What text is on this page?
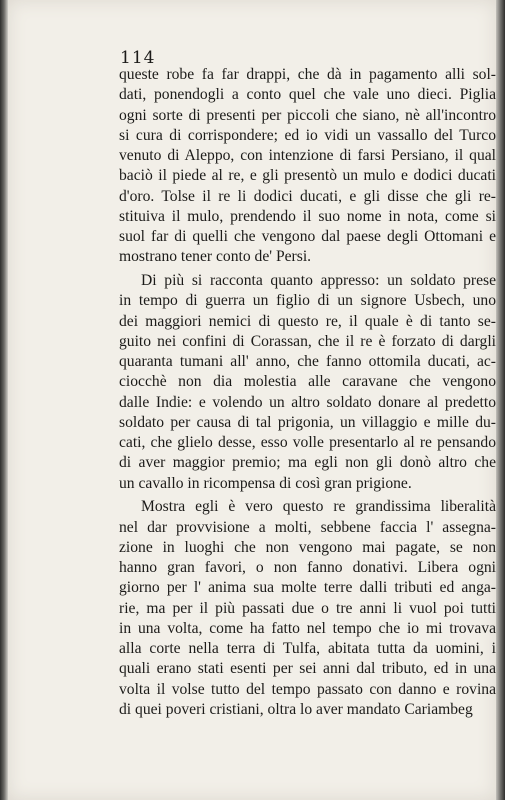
114
queste robe fa far drappi, che dà in pagamento alli sol-
dati, ponendogli a conto quel che vale uno dieci. Piglia
ogni sorte di presenti per piccoli che siano, nè all'incontro
si cura di corrispondere; ed io vidi un vassallo del Turco
venuto di Aleppo, con intenzione di farsi Persiano, il qual
baciò il piede al re, e gli presentò un mulo e dodici ducati
d'oro. Tolse il re li dodici ducati, e gli disse che gli re-
stituiva il mulo, prendendo il suo nome in nota, come si
suol far di quelli che vengono dal paese degli Ottomani e
mostrano tener conto de' Persi.
Di più si racconta quanto appresso: un soldato prese
in tempo di guerra un figlio di un signore Usbech, uno
dei maggiori nemici di questo re, il quale è di tanto se-
guito nei confini di Corassan, che il re è forzato di dargli
quaranta tumani all' anno, che fanno ottomila ducati, ac-
ciocchè non dia molestia alle caravane che vengono
dalle Indie: e volendo un altro soldato donare al predetto
soldato per causa di tal prigonia, un villaggio e mille du-
cati, che glielo desse, esso volle presentarlo al re pensando
di aver maggior premio; ma egli non gli donò altro che
un cavallo in ricompensa di così gran prigione.
Mostra egli è vero questo re grandissima liberalità
nel dar provvisione a molti, sebbene faccia l' assegna-
zione in luoghi che non vengono mai pagate, se non
hanno gran favori, o non fanno donativi. Libera ogni
giorno per l' anima sua molte terre dalli tributi ed anga-
rie, ma per il più passati due o tre anni li vuol poi tutti
in una volta, come ha fatto nel tempo che io mi trovava
alla corte nella terra di Tulfa, abitata tutta da uomini, i
quali erano stati esenti per sei anni dal tributo, ed in una
volta il volse tutto del tempo passato con danno e rovina
di quei poveri cristiani, oltra lo aver mandato Cariambeg
